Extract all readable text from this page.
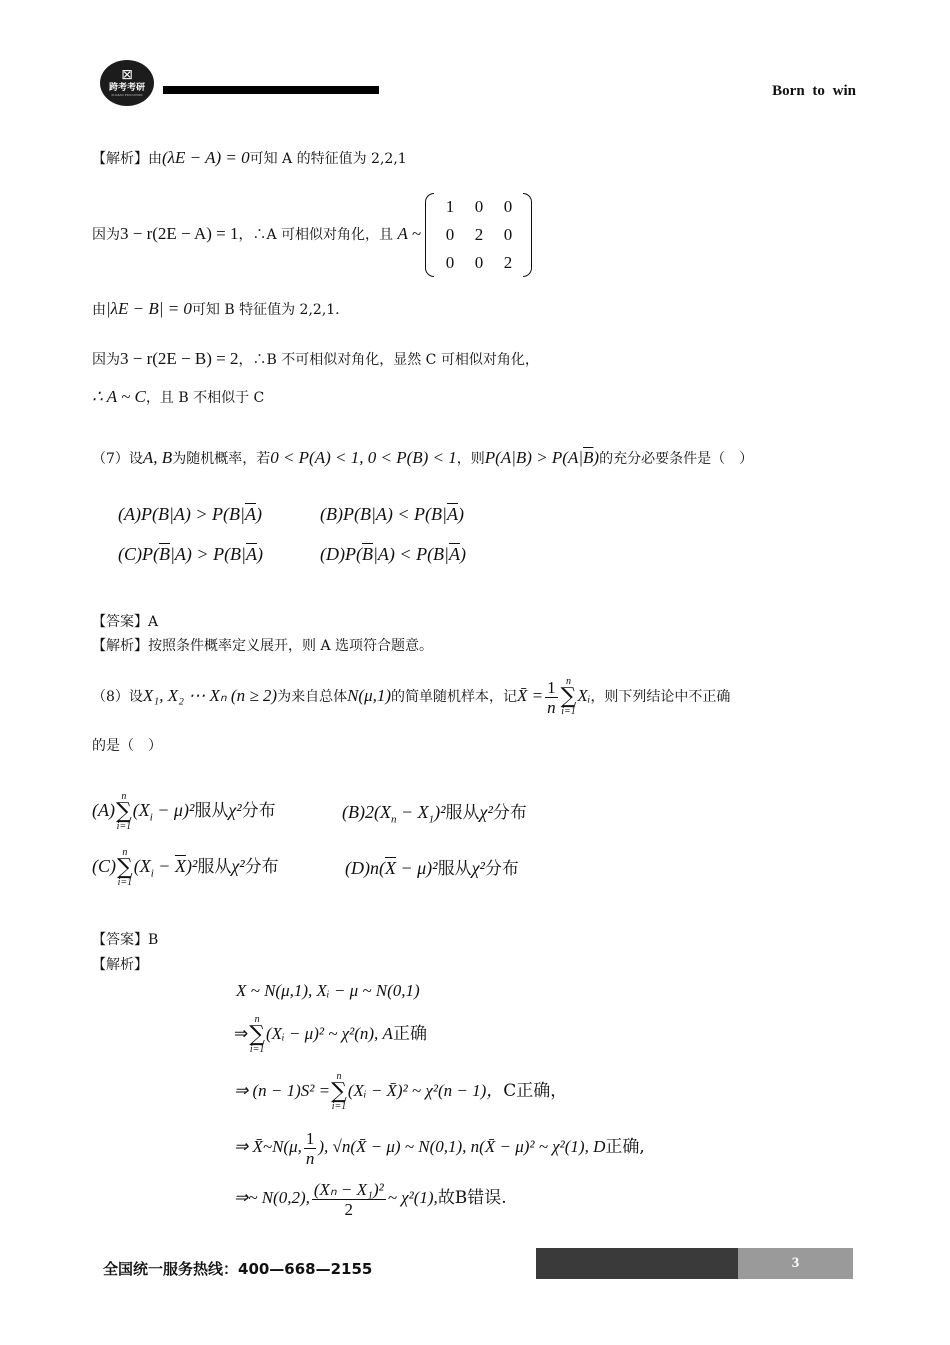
⊠
跨考考研
KUAKAO EDUCATION	Born to win
【解析】由(λE − A) = 0可知 A 的特征值为 2,2,1
因为3 − r(2E − A) = 1，∴A 可相似对角化，且 A ~
1	0	0
0	2	0
0	0	2
由|λE − B| = 0可知 B 特征值为 2,2,1.
因为3 − r(2E − B) = 2，∴B 不可相似对角化，显然 C 可相似对角化，
∴ A ~ C，且 B 不相似于 C
（7）设A, B为随机概率，若0 < P(A) < 1, 0 < P(B) < 1，则$P(A|B) > P(A|\overline{B})$的充分必要条件是（　）
$(A)P(B|A) > P(B|\overline{A})$	$(B)P(B|A) < P(B|\overline{A})$
$(C)P(\overline{B}|A) > P(B|\overline{A})$	$(D)P(\overline{B}|A) < P(B|\overline{A})$
【答案】A
【解析】按照条件概率定义展开，则 A 选项符合题意。
（8）设X₁, X₂ ⋯ Xₙ (n ≥ 2)为来自总体N(μ,1)的简单随机样本，记X̄ = $\frac{1}{n}$ n
∑
i=1
Xᵢ，则下列结论中不正确
的是（　）
(A)
n
∑
i=1
$(X_i - \mu)^2$服从χ²分布	$(B)2(X_n - X_1)^2$服从χ²分布
(C)
n
∑
i=1
$(X_i - \overline{X})^2$服从χ²分布	$(D)n(\overline{X} - \mu)^2$服从χ²分布
【答案】B
【解析】
X ~ N(μ,1), Xᵢ − μ ~ N(0,1)
⇒
n
∑
i=1
(Xᵢ − μ)² ~ χ²(n), A正确
⇒ (n − 1)S² =
n
∑
i=1
(Xᵢ − X̄)² ~ χ²(n − 1)，C正确，
⇒ X̄~N(μ, $\frac{1}{n}$ ), √n(X̄ − μ) ~ N(0,1), n(X̄ − μ)² ~ χ²(1), D正确,
⇒~ N(0,2), $\frac{\text{(Xₙ − X₁)²}}{2}$ ~ χ²(1),故B错误.
全国统一服务热线：400—668—2155	3
